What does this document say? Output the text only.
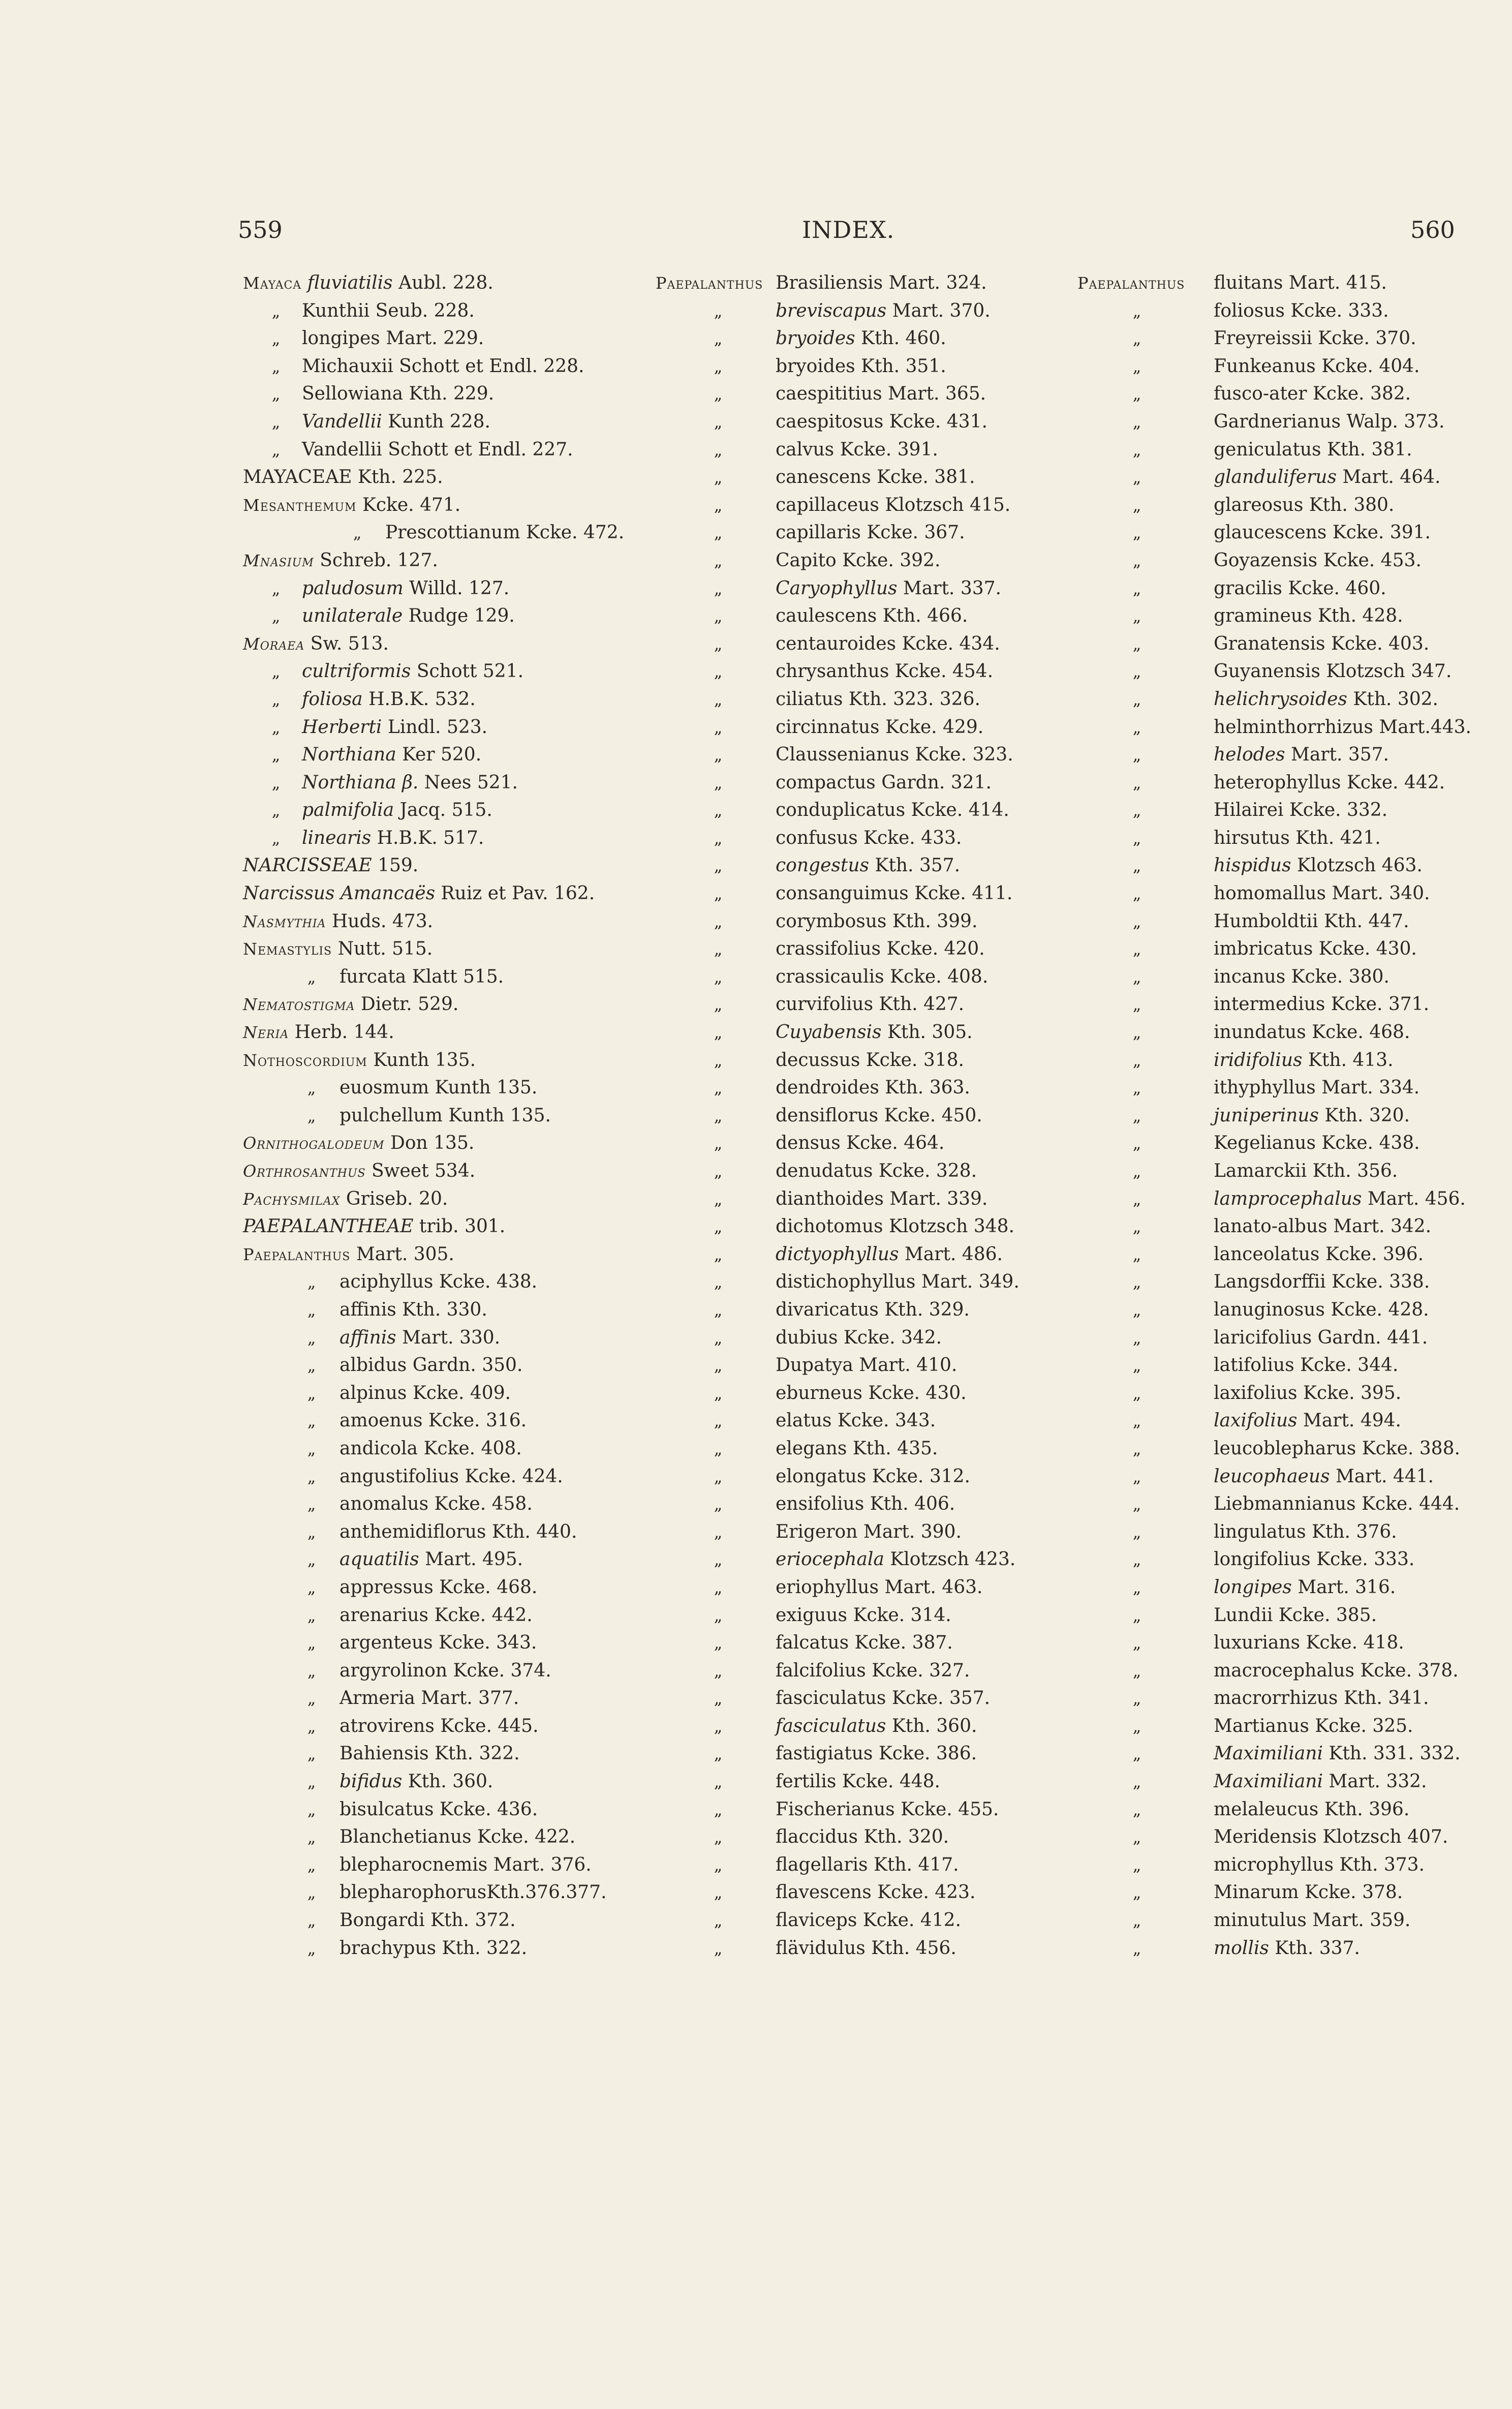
559	INDEX.	560
Mayaca fluviatilis Aubl. 228.
„ Kunthii Seub. 228.
„ longipes Mart. 229.
„ Michauxii Schott et Endl. 228.
„ Sellowiana Kth. 229.
„ Vandellii Kunth 228.
„ Vandellii Schott et Endl. 227.
MAYACEAE Kth. 225.
Mesanthemum Kcke. 471.
„ Prescottianum Kcke. 472.
Mnasium Schreb. 127.
„ paludosum Willd. 127.
„ unilaterale Rudge 129.
Moraea Sw. 513.
„ cultriformis Schott 521.
„ foliosa H.B.K. 532.
„ Herberti Lindl. 523.
„ Northiana Ker 520.
„ Northiana β. Nees 521.
„ palmifolia Jacq. 515.
„ linearis H.B.K. 517.
NARCISSEAE 159.
Narcissus Amancaës Ruiz et Pav. 162.
Nasmythia Huds. 473.
Nemastylis Nutt. 515.
„ furcata Klatt 515.
Nematostigma Dietr. 529.
Neria Herb. 144.
Nothoscordium Kunth 135.
„ euosmum Kunth 135.
„ pulchellum Kunth 135.
Ornithogalodeum Don 135.
Orthrosanthus Sweet 534.
Pachysmilax Griseb. 20.
PAEPALANTHEAE trib. 301.
Paepalanthus Mart. 305.
„ aciphyllus Kcke. 438.
„ affinis Kth. 330.
„ affinis Mart. 330.
„ albidus Gardn. 350.
„ alpinus Kcke. 409.
„ amoenus Kcke. 316.
„ andicola Kcke. 408.
„ angustifolius Kcke. 424.
„ anomalus Kcke. 458.
„ anthemidiflorus Kth. 440.
„ aquatilis Mart. 495.
„ appressus Kcke. 468.
„ arenarius Kcke. 442.
„ argenteus Kcke. 343.
„ argyrolinon Kcke. 374.
„ Armeria Mart. 377.
„ atrovirens Kcke. 445.
„ Bahiensis Kth. 322.
„ bifidus Kth. 360.
„ bisulcatus Kcke. 436.
„ Blanchetianus Kcke. 422.
„ blepharocnemis Mart. 376.
„ blepharophorusKth.376.377.
„ Bongardi Kth. 372.
„ brachypus Kth. 322.
Paepalanthus Brasiliensis Mart. 324.
„	breviscapus Mart. 370.
„	bryoides Kth. 460.
„	bryoides Kth. 351.
„	caespititius Mart. 365.
„	caespitosus Kcke. 431.
„	calvus Kcke. 391.
„	canescens Kcke. 381.
„	capillaceus Klotzsch 415.
„	capillaris Kcke. 367.
„	Capito Kcke. 392.
„	Caryophyllus Mart. 337.
„	caulescens Kth. 466.
„	centauroides Kcke. 434.
„	chrysanthus Kcke. 454.
„	ciliatus Kth. 323. 326.
„	circinnatus Kcke. 429.
„	Claussenianus Kcke. 323.
„	compactus Gardn. 321.
„	conduplicatus Kcke. 414.
„	confusus Kcke. 433.
„	congestus Kth. 357.
„	consanguimus Kcke. 411.
„	corymbosus Kth. 399.
„	crassifolius Kcke. 420.
„	crassicaulis Kcke. 408.
„	curvifolius Kth. 427.
„	Cuyabensis Kth. 305.
„	decussus Kcke. 318.
„	dendroides Kth. 363.
„	densiflorus Kcke. 450.
„	densus Kcke. 464.
„	denudatus Kcke. 328.
„	dianthoides Mart. 339.
„	dichotomus Klotzsch 348.
„	dictyophyllus Mart. 486.
„	distichophyllus Mart. 349.
„	divaricatus Kth. 329.
„	dubius Kcke. 342.
„	Dupatya Mart. 410.
„	eburneus Kcke. 430.
„	elatus Kcke. 343.
„	elegans Kth. 435.
„	elongatus Kcke. 312.
„	ensifolius Kth. 406.
„	Erigeron Mart. 390.
„	eriocephala Klotzsch 423.
„	eriophyllus Mart. 463.
„	exiguus Kcke. 314.
„	falcatus Kcke. 387.
„	falcifolius Kcke. 327.
„	fasciculatus Kcke. 357.
„	fasciculatus Kth. 360.
„	fastigiatus Kcke. 386.
„	fertilis Kcke. 448.
„	Fischerianus Kcke. 455.
„	flaccidus Kth. 320.
„	flagellaris Kth. 417.
„	flavescens Kcke. 423.
„	flaviceps Kcke. 412.
„	flävidulus Kth. 456.
Paepalanthus fluitans Mart. 415.
„	foliosus Kcke. 333.
„	Freyreissii Kcke. 370.
„	Funkeanus Kcke. 404.
„	fusco-ater Kcke. 382.
„	Gardnerianus Walp. 373.
„	geniculatus Kth. 381.
„	glanduliferus Mart. 464.
„	glareosus Kth. 380.
„	glaucescens Kcke. 391.
„	Goyazensis Kcke. 453.
„	gracilis Kcke. 460.
„	gramineus Kth. 428.
„	Granatensis Kcke. 403.
„	Guyanensis Klotzsch 347.
„	helichrysoides Kth. 302.
„	helminthorrhizus Mart.443.
„	helodes Mart. 357.
„	heterophyllus Kcke. 442.
„	Hilairei Kcke. 332.
„	hirsutus Kth. 421.
„	hispidus Klotzsch 463.
„	homomallus Mart. 340.
„	Humboldtii Kth. 447.
„	imbricatus Kcke. 430.
„	incanus Kcke. 380.
„	intermedius Kcke. 371.
„	inundatus Kcke. 468.
„	iridifolius Kth. 413.
„	ithyphyllus Mart. 334.
„	juniperinus Kth. 320.
„	Kegelianus Kcke. 438.
„	Lamarckii Kth. 356.
„	lamprocephalus Mart. 456.
„	lanato-albus Mart. 342.
„	lanceolatus Kcke. 396.
„	Langsdorffii Kcke. 338.
„	lanuginosus Kcke. 428.
„	laricifolius Gardn. 441.
„	latifolius Kcke. 344.
„	laxifolius Kcke. 395.
„	laxifolius Mart. 494.
„	leucoblepharus Kcke. 388.
„	leucophaeus Mart. 441.
„	Liebmannianus Kcke. 444.
„	lingulatus Kth. 376.
„	longifolius Kcke. 333.
„	longipes Mart. 316.
„	Lundii Kcke. 385.
„	luxurians Kcke. 418.
„	macrocephalus Kcke. 378.
„	macrorrhizus Kth. 341.
„	Martianus Kcke. 325.
„	Maximiliani Kth. 331. 332.
„	Maximiliani Mart. 332.
„	melaleucus Kth. 396.
„	Meridensis Klotzsch 407.
„	microphyllus Kth. 373.
„	Minarum Kcke. 378.
„	minutulus Mart. 359.
„	mollis Kth. 337.
